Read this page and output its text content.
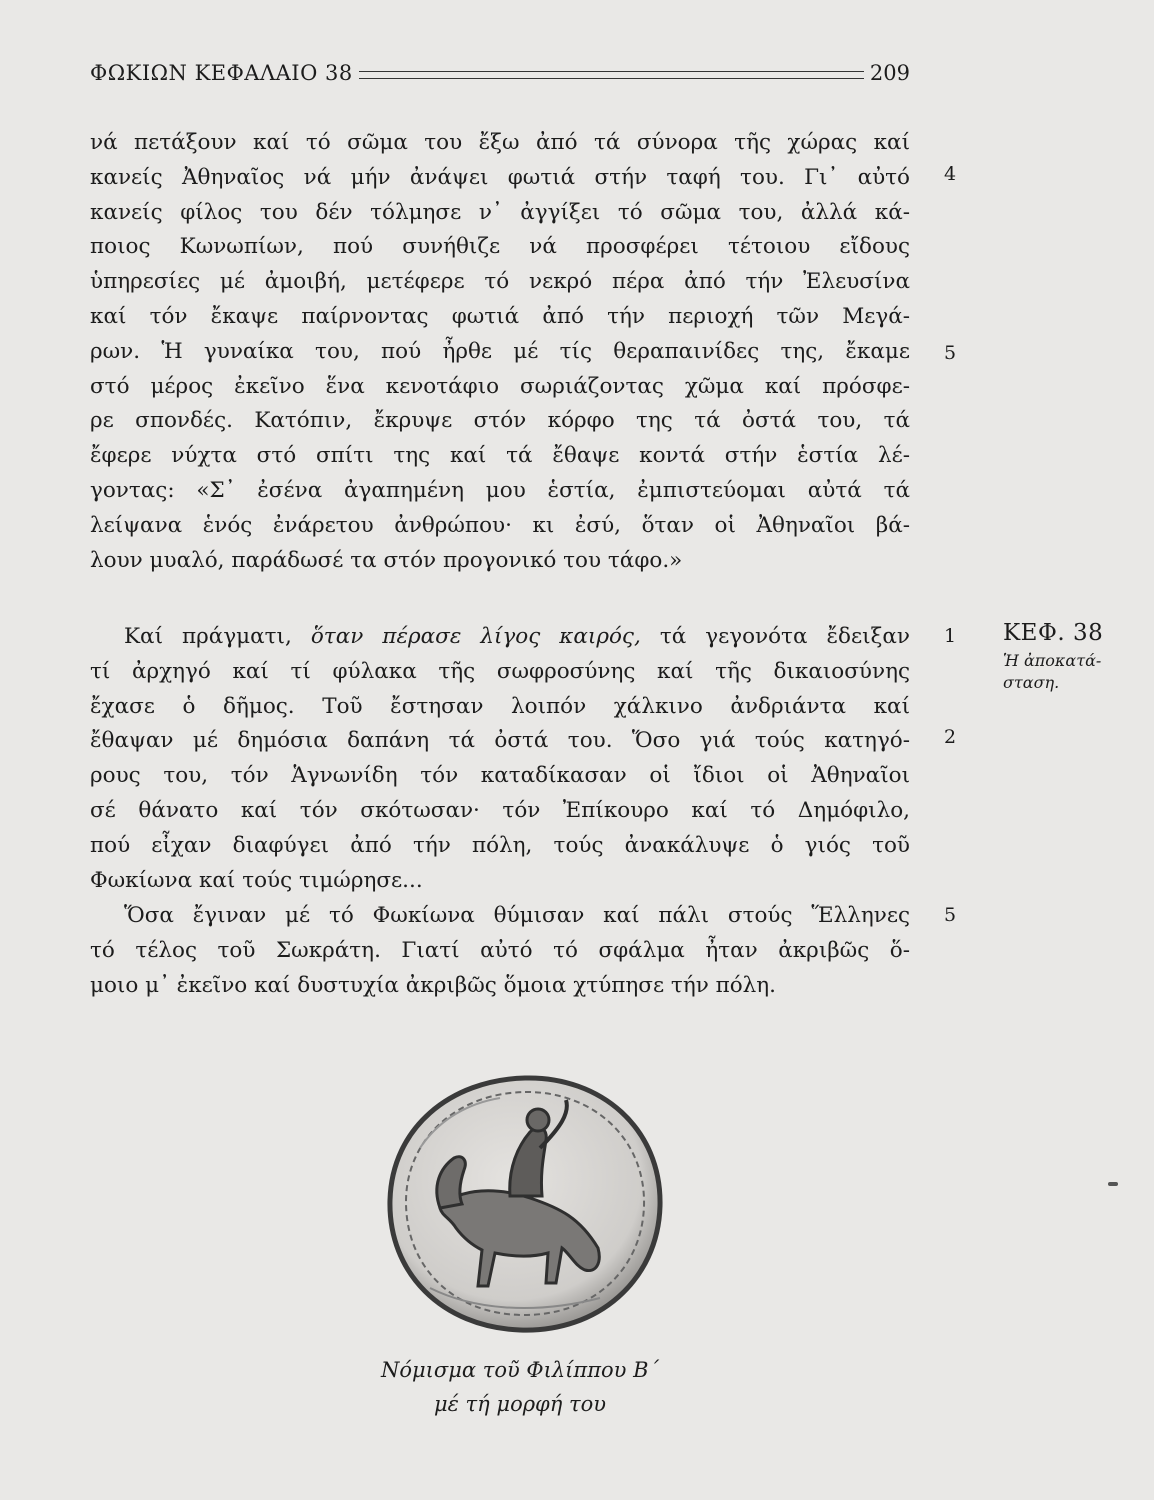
ΦΩΚΙΩΝ ΚΕΦΑΛΑΙΟ 38	209

νά πετάξουν καί τό σῶμα του ἔξω ἀπό τά σύνορα τῆς χώρας καί
κανείς Ἀθηναῖος νά μήν ἀνάψει φωτιά στήν ταφή του. Γι᾽ αὐτό
κανείς φίλος του δέν τόλμησε ν᾽ ἀγγίξει τό σῶμα του, ἀλλά κά-
ποιος Κωνωπίων, πού συνήθιζε νά προσφέρει τέτοιου εἴδους
ὑπηρεσίες μέ ἀμοιβή, μετέφερε τό νεκρό πέρα ἀπό τήν Ἐλευσίνα
καί τόν ἔκαψε παίρνοντας φωτιά ἀπό τήν περιοχή τῶν Μεγά-
ρων. Ἡ γυναίκα του, πού ἦρθε μέ τίς θεραπαινίδες της, ἔκαμε
στό μέρος ἐκεῖνο ἕνα κενοτάφιο σωριάζοντας χῶμα καί πρόσφε-
ρε σπονδές. Κατόπιν, ἔκρυψε στόν κόρφο της τά ὀστά του, τά
ἔφερε νύχτα στό σπίτι της καί τά ἔθαψε κοντά στήν ἑστία λέ-
γοντας: «Σ᾽ ἐσένα ἀγαπημένη μου ἑστία, ἐμπιστεύομαι αὐτά τά
λείψανα ἑνός ἐνάρετου ἀνθρώπου· κι ἐσύ, ὅταν οἱ Ἀθηναῖοι βά-
λουν μυαλό, παράδωσέ τα στόν προγονικό του τάφο.»

Καί πράγματι, ὅταν πέρασε λίγος καιρός, τά γεγονότα ἔδειξαν
τί ἀρχηγό καί τί φύλακα τῆς σωφροσύνης καί τῆς δικαιοσύνης
ἔχασε ὁ δῆμος. Τοῦ ἔστησαν λοιπόν χάλκινο ἀνδριάντα καί
ἔθαψαν μέ δημόσια δαπάνη τά ὀστά του. Ὅσο γιά τούς κατηγό-
ρους του, τόν Ἁγνωνίδη τόν καταδίκασαν οἱ ἴδιοι οἱ Ἀθηναῖοι
σέ θάνατο καί τόν σκότωσαν· τόν Ἐπίκουρο καί τό Δημόφιλο,
πού εἶχαν διαφύγει ἀπό τήν πόλη, τούς ἀνακάλυψε ὁ γιός τοῦ
Φωκίωνα καί τούς τιμώρησε...

Ὅσα ἔγιναν μέ τό Φωκίωνα θύμισαν καί πάλι στούς Ἕλληνες
τό τέλος τοῦ Σωκράτη. Γιατί αὐτό τό σφάλμα ἦταν ἀκριβῶς ὅ-
μοιο μ᾽ ἐκεῖνο καί δυστυχία ἀκριβῶς ὅμοια χτύπησε τήν πόλη.

4
5
1
2
5
ΚΕΦ. 38
Ἡ ἀποκατά-
σταση.
Νόμισμα τοῦ Φιλίππου Β΄
μέ τή μορφή του
